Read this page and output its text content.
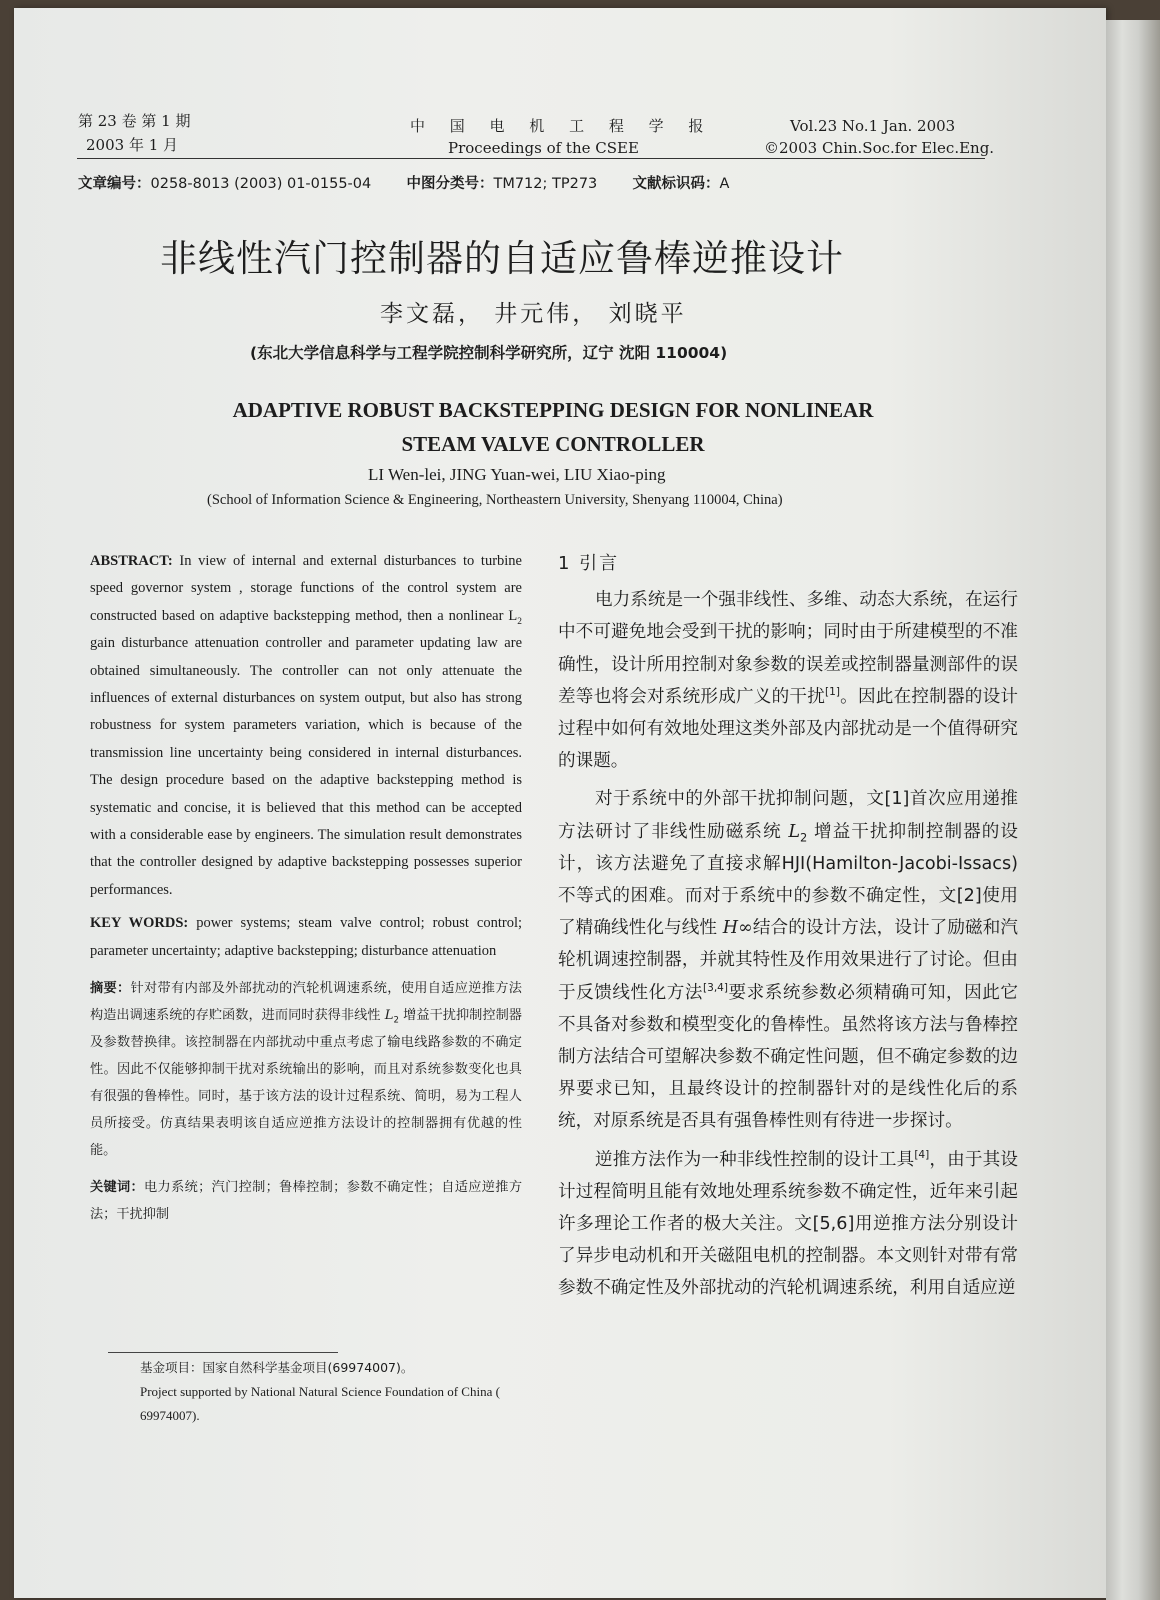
第 23 卷 第 1 期
2003 年 1 月
中 国 电 机 工 程 学 报
Proceedings of the CSEE
Vol.23 No.1 Jan. 2003
©2003 Chin.Soc.for Elec.Eng.
文章编号：0258-8013 (2003) 01-0155-04 中图分类号：TM712; TP273 文献标识码：A
非线性汽门控制器的自适应鲁棒逆推设计
李文磊， 井元伟， 刘晓平
(东北大学信息科学与工程学院控制科学研究所，辽宁 沈阳 110004)
ADAPTIVE ROBUST BACKSTEPPING DESIGN FOR NONLINEAR
STEAM VALVE CONTROLLER
LI Wen-lei, JING Yuan-wei, LIU Xiao-ping
(School of Information Science & Engineering, Northeastern University, Shenyang 110004, China)

ABSTRACT: In view of internal and external disturbances to turbine speed governor system , storage functions of the control system are constructed based on adaptive backstepping method, then a nonlinear $L_2$ gain disturbance attenuation controller and parameter updating law are obtained simultaneously. The controller can not only attenuate the influences of external disturbances on system output, but also has strong robustness for system parameters variation, which is because of the transmission line uncertainty being considered in internal disturbances. The design procedure based on the adaptive backstepping method is systematic and concise, it is believed that this method can be accepted with a considerable ease by engineers. The simulation result demonstrates that the controller designed by adaptive backstepping possesses superior performances.

KEY WORDS: power systems; steam valve control; robust control; parameter uncertainty; adaptive backstepping; disturbance attenuation

摘要：针对带有内部及外部扰动的汽轮机调速系统，使用自适应逆推方法构造出调速系统的存贮函数，进而同时获得非线性 $L_2$ 增益干扰抑制控制器及参数替换律。该控制器在内部扰动中重点考虑了输电线路参数的不确定性。因此不仅能够抑制干扰对系统输出的影响，而且对系统参数变化也具有很强的鲁棒性。同时，基于该方法的设计过程系统、简明，易为工程人员所接受。仿真结果表明该自适应逆推方法设计的控制器拥有优越的性能。

关键词：电力系统；汽门控制；鲁棒控制；参数不确定性；自适应逆推方法；干扰抑制

基金项目：国家自然科学基金项目(69974007)。

Project supported by National Natural Science Foundation of China ( 69974007).

1 引言

电力系统是一个强非线性、多维、动态大系统，在运行中不可避免地会受到干扰的影响；同时由于所建模型的不准确性，设计所用控制对象参数的误差或控制器量测部件的误差等也将会对系统形成广义的干扰[1]。因此在控制器的设计过程中如何有效地处理这类外部及内部扰动是一个值得研究的课题。

对于系统中的外部干扰抑制问题，文[1]首次应用递推方法研讨了非线性励磁系统 $L_2$ 增益干扰抑制控制器的设计，该方法避免了直接求解HJI(Hamilton-Jacobi-Issacs)不等式的困难。而对于系统中的参数不确定性，文[2]使用了精确线性化与线性 H∞结合的设计方法，设计了励磁和汽轮机调速控制器，并就其特性及作用效果进行了讨论。但由于反馈线性化方法[3,4]要求系统参数必须精确可知，因此它不具备对参数和模型变化的鲁棒性。虽然将该方法与鲁棒控制方法结合可望解决参数不确定性问题，但不确定参数的边界要求已知，且最终设计的控制器针对的是线性化后的系统，对原系统是否具有强鲁棒性则有待进一步探讨。

逆推方法作为一种非线性控制的设计工具[4]，由于其设计过程简明且能有效地处理系统参数不确定性，近年来引起许多理论工作者的极大关注。文[5,6]用逆推方法分别设计了异步电动机和开关磁阻电机的控制器。本文则针对带有常参数不确定性及外部扰动的汽轮机调速系统，利用自适应逆
